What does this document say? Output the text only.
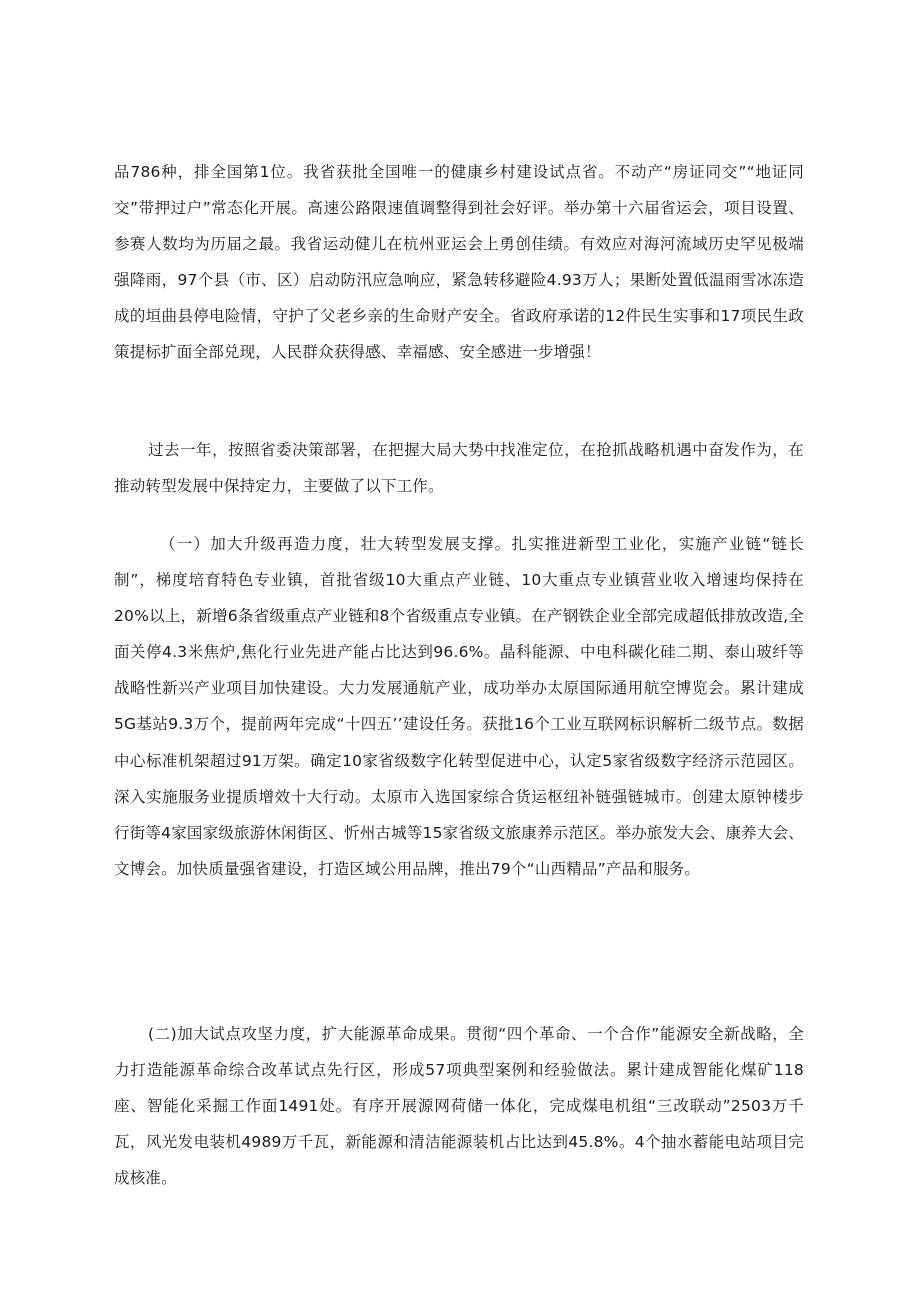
品786种，排全国第1位。我省获批全国唯一的健康乡村建设试点省。不动产“房证同交”“地证同交”带押过户”常态化开展。高速公路限速值调整得到社会好评。举办第十六届省运会，项目设置、参赛人数均为历届之最。我省运动健儿在杭州亚运会上勇创佳绩。有效应对海河流域历史罕见极端强降雨，97个县（市、区）启动防汛应急响应，紧急转移避险4.93万人；果断处置低温雨雪冰冻造成的垣曲县停电险情，守护了父老乡亲的生命财产安全。省政府承诺的12件民生实事和17项民生政策提标扩面全部兑现，人民群众获得感、幸福感、安全感进一步增强！

过去一年，按照省委决策部署，在把握大局大势中找准定位，在抢抓战略机遇中奋发作为，在推动转型发展中保持定力，主要做了以下工作。

（一）加大升级再造力度，壮大转型发展支撑。扎实推进新型工业化，实施产业链“链长制”，梯度培育特色专业镇，首批省级10大重点产业链、10大重点专业镇营业收入增速均保持在20%以上，新增6条省级重点产业链和8个省级重点专业镇。在产钢铁企业全部完成超低排放改造,全面关停4.3米焦炉,焦化行业先进产能占比达到96.6%。晶科能源、中电科碳化硅二期、泰山玻纤等战略性新兴产业项目加快建设。大力发展通航产业，成功举办太原国际通用航空博览会。累计建成5G基站9.3万个，提前两年完成“十四五’’建设任务。获批16个工业互联网标识解析二级节点。数据中心标准机架超过91万架。确定10家省级数字化转型促进中心，认定5家省级数字经济示范园区。深入实施服务业提质增效十大行动。太原市入选国家综合货运枢纽补链强链城市。创建太原钟楼步行街等4家国家级旅游休闲街区、忻州古城等15家省级文旅康养示范区。举办旅发大会、康养大会、文博会。加快质量强省建设，打造区域公用品牌，推出79个“山西精品”产品和服务。

(二)加大试点攻坚力度，扩大能源革命成果。贯彻“四个革命、一个合作”能源安全新战略，全力打造能源革命综合改革试点先行区，形成57项典型案例和经验做法。累计建成智能化煤矿118座、智能化采掘工作面1491处。有序开展源网荷储一体化，完成煤电机组“三改联动”2503万千瓦，风光发电装机4989万千瓦，新能源和清洁能源装机占比达到45.8%。4个抽水蓄能电站项目完成核准。
